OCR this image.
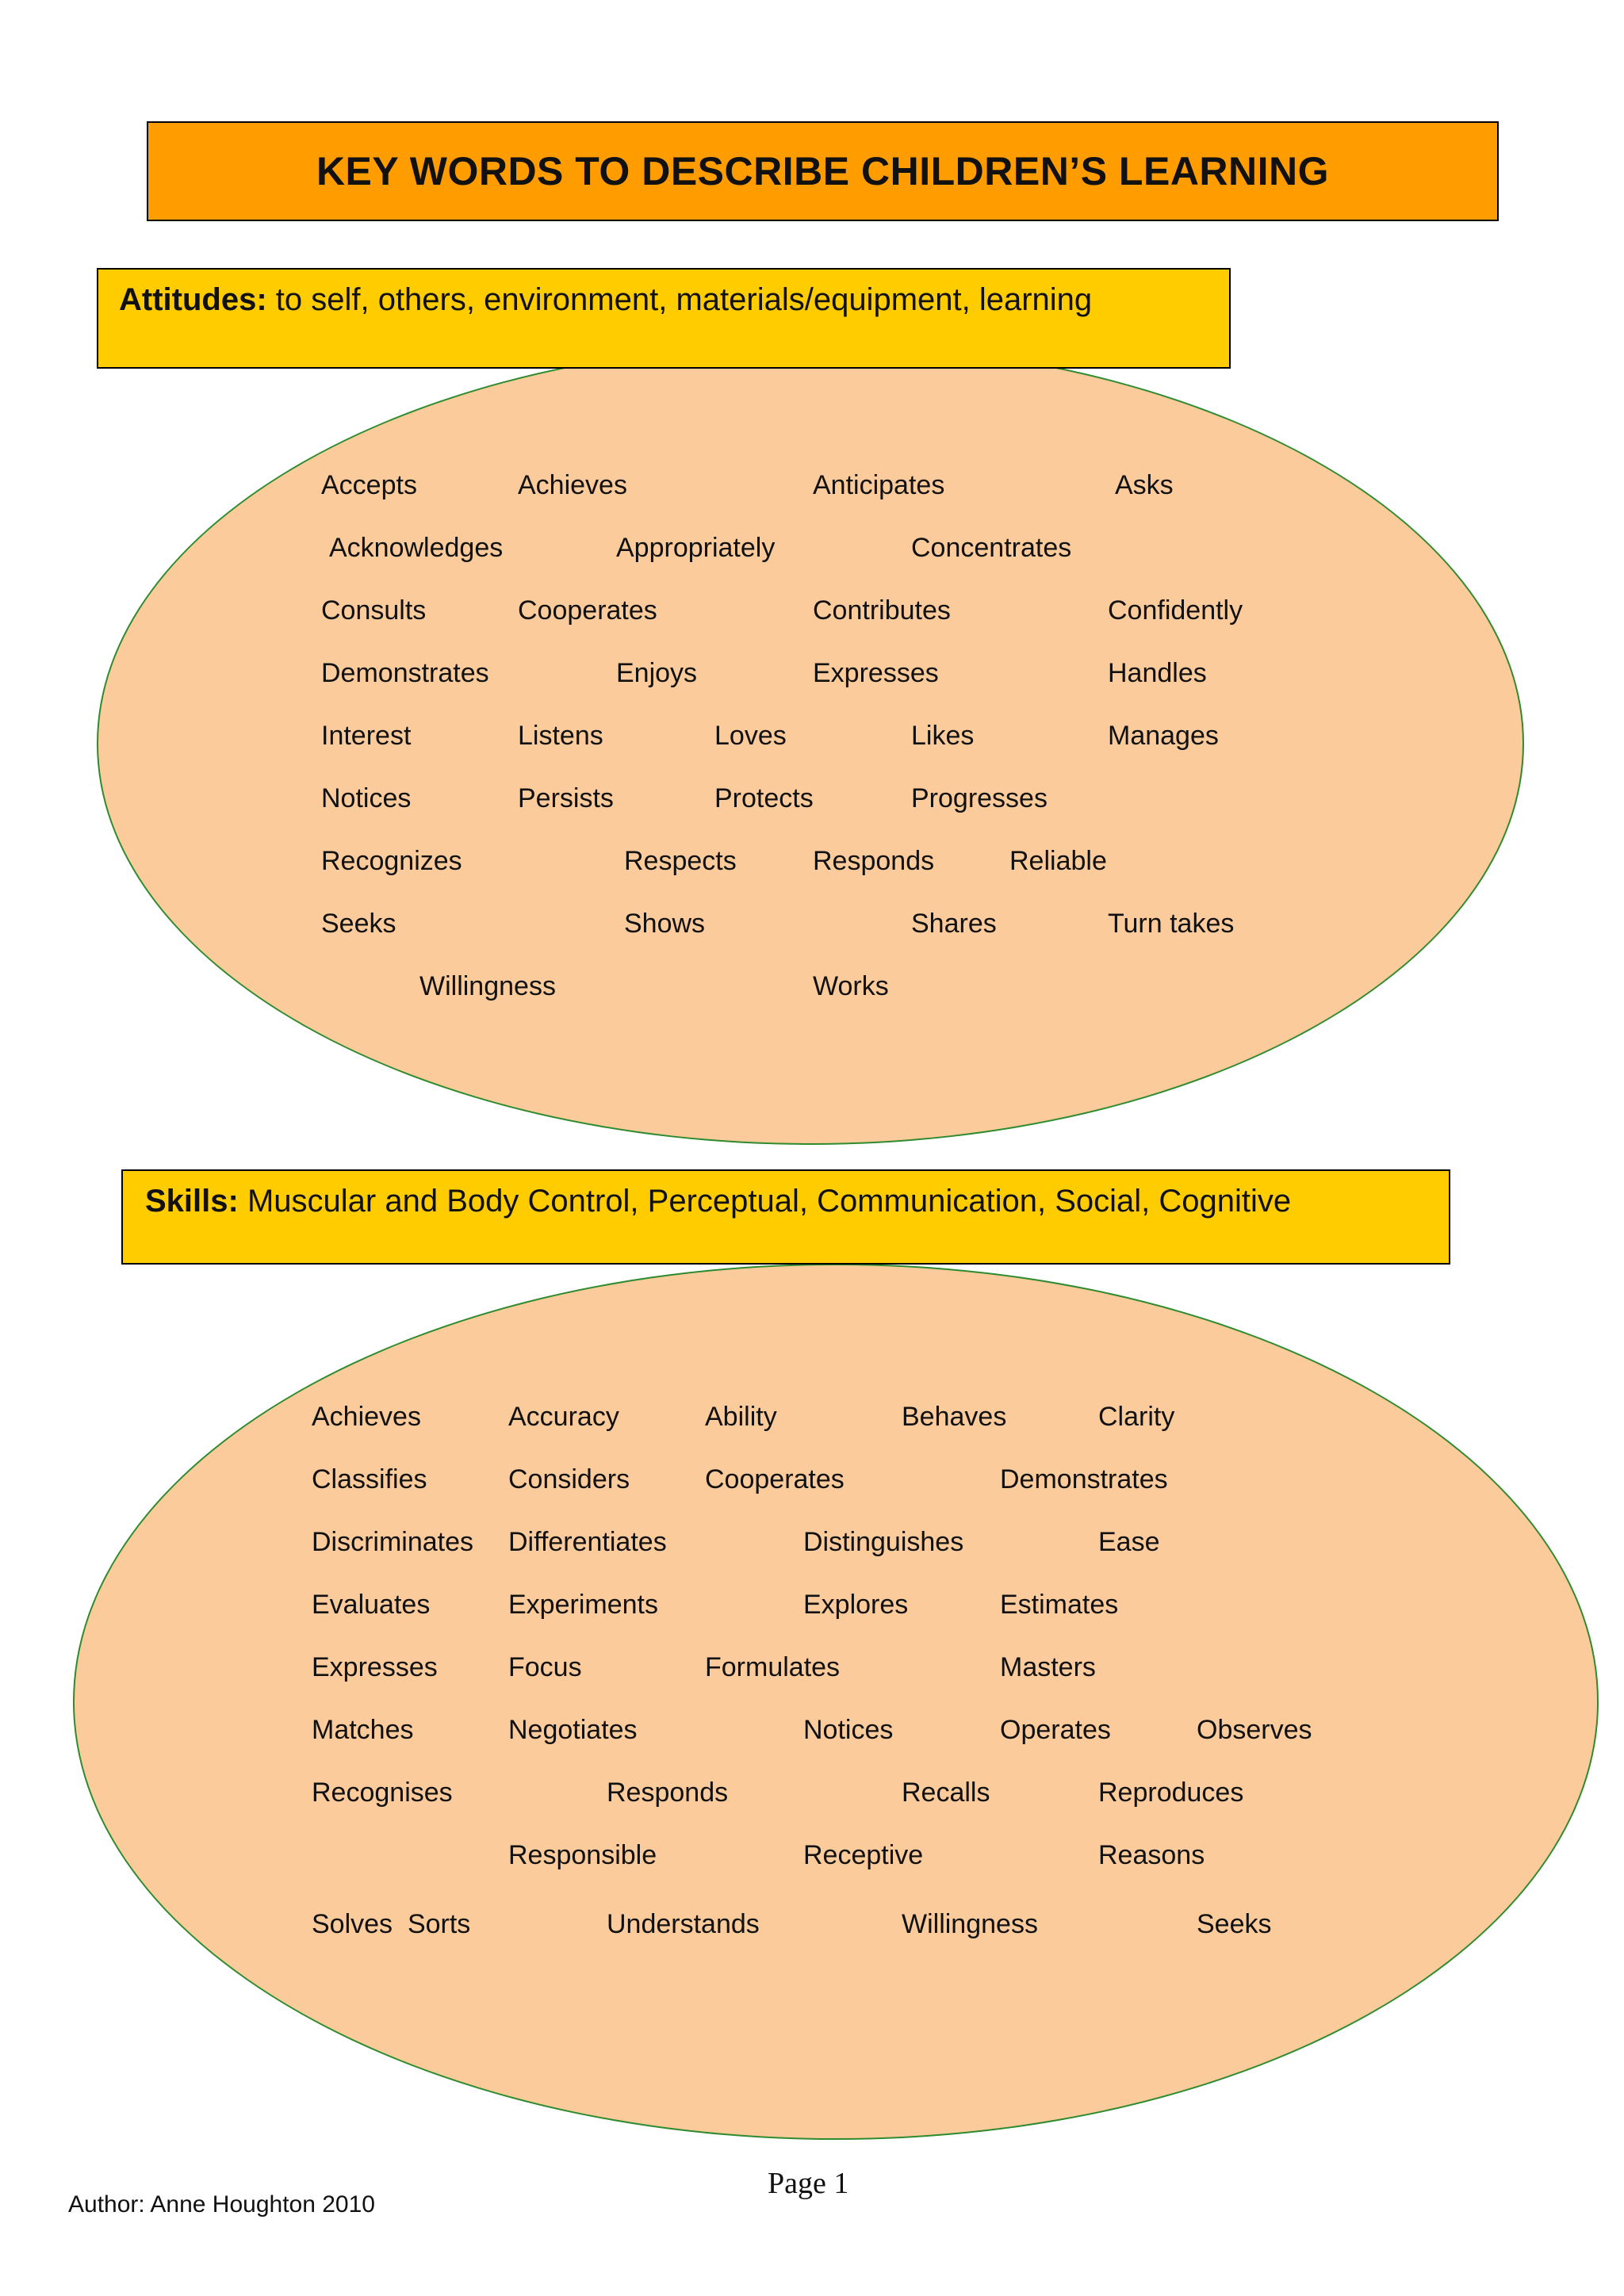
KEY WORDS TO DESCRIBE CHILDREN’S LEARNING
Attitudes: to self, others, environment, materials/equipment, learning
Skills: Muscular and Body Control, Perceptual, Communication, Social, Cognitive
Accepts	Achieves	Anticipates	Asks
Acknowledges	Appropriately	Concentrates
Consults	Cooperates	Contributes	Confidently
Demonstrates	Enjoys	Expresses	Handles
Interest	Listens	Loves	Likes	Manages
Notices	Persists	Protects	Progresses
Recognizes	Respects	Responds	Reliable
Seeks	Shows	Shares	Turn takes
Willingness	Works
Achieves	Accuracy	Ability	Behaves	Clarity
Classifies	Considers	Cooperates	Demonstrates
Discriminates Differentiates	Distinguishes	Ease
Evaluates	Experiments	Explores	Estimates
Expresses	Focus	Formulates	Masters
Matches	Negotiates	Notices	Operates	Observes
Recognises	Responds	Recalls	Reproduces
Responsible	Receptive	Reasons
Solves  Sorts	Understands	Willingness	Seeks
Page 1
Author: Anne Houghton 2010
